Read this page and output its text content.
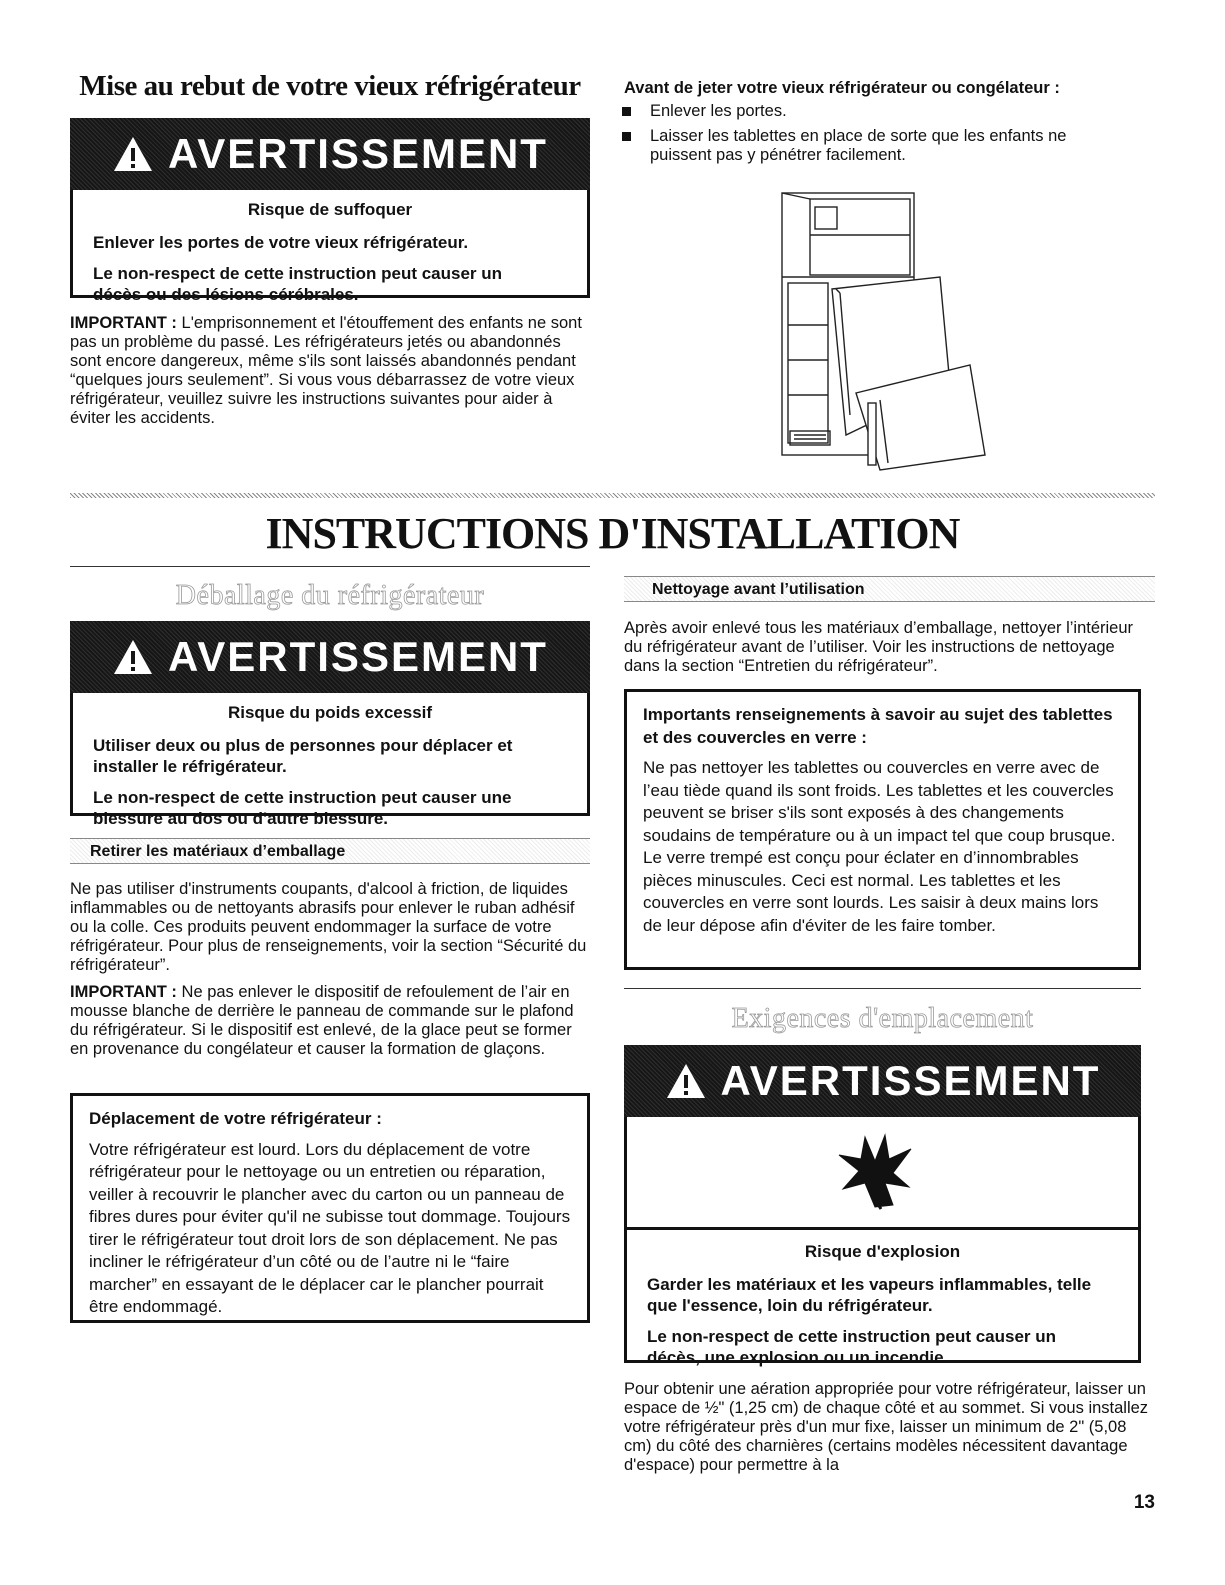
Mise au rebut de votre vieux réfrigérateur
AVERTISSEMENT
Risque de suffoquer

Enlever les portes de votre vieux réfrigérateur.

Le non-respect de cette instruction peut causer un décès ou des lésions cérébrales.

IMPORTANT : L'emprisonnement et l'étouffement des enfants ne sont pas un problème du passé. Les réfrigérateurs jetés ou abandonnés sont encore dangereux, même s'ils sont laissés abandonnés pendant “quelques jours seulement”. Si vous vous débarrassez de votre vieux réfrigérateur, veuillez suivre les instructions suivantes pour aider à éviter les accidents.
Avant de jeter votre vieux réfrigérateur ou congélateur :
Enlever les portes.
Laisser les tablettes en place de sorte que les enfants ne puissent pas y pénétrer facilement.
INSTRUCTIONS D'INSTALLATION
Déballage du réfrigérateur
AVERTISSEMENT
Risque du poids excessif

Utiliser deux ou plus de personnes pour déplacer et installer le réfrigérateur.

Le non-respect de cette instruction peut causer une blessure au dos ou d'autre blessure.

Retirer les matériaux d’emballage
Ne pas utiliser d'instruments coupants, d'alcool à friction, de liquides inflammables ou de nettoyants abrasifs pour enlever le ruban adhésif ou la colle. Ces produits peuvent endommager la surface de votre réfrigérateur. Pour plus de renseignements, voir la section “Sécurité du réfrigérateur”.
IMPORTANT : Ne pas enlever le dispositif de refoulement de l’air en mousse blanche de derrière le panneau de commande sur le plafond du réfrigérateur. Si le dispositif est enlevé, de la glace peut se former en provenance du congélateur et causer la formation de glaçons.
Déplacement de votre réfrigérateur :
Votre réfrigérateur est lourd. Lors du déplacement de votre réfrigérateur pour le nettoyage ou un entretien ou réparation, veiller à recouvrir le plancher avec du carton ou un panneau de fibres dures pour éviter qu'il ne subisse tout dommage. Toujours tirer le réfrigérateur tout droit lors de son déplacement. Ne pas incliner le réfrigérateur d’un côté ou de l’autre ni le “faire marcher” en essayant de le déplacer car le plancher pourrait être endommagé.
Nettoyage avant l’utilisation
Après avoir enlevé tous les matériaux d’emballage, nettoyer l’intérieur du réfrigérateur avant de l’utiliser. Voir les instructions de nettoyage dans la section “Entretien du réfrigérateur”.
Importants renseignements à savoir au sujet des tablettes et des couvercles en verre :
Ne pas nettoyer les tablettes ou couvercles en verre avec de l’eau tiède quand ils sont froids. Les tablettes et les couvercles peuvent se briser s'ils sont exposés à des changements soudains de température ou à un impact tel que coup brusque. Le verre trempé est conçu pour éclater en d’innombrables pièces minuscules. Ceci est normal. Les tablettes et les couvercles en verre sont lourds. Les saisir à deux mains lors de leur dépose afin d'éviter de les faire tomber.
Exigences d'emplacement
AVERTISSEMENT
Risque d'explosion

Garder les matériaux et les vapeurs inflammables, telle que l'essence, loin du réfrigérateur.

Le non-respect de cette instruction peut causer un décès, une explosion ou un incendie.

Pour obtenir une aération appropriée pour votre réfrigérateur, laisser un espace de ½" (1,25 cm) de chaque côté et au sommet. Si vous installez votre réfrigérateur près d'un mur fixe, laisser un minimum de 2" (5,08 cm) du côté des charnières (certains modèles nécessitent davantage d'espace) pour permettre à la
13
